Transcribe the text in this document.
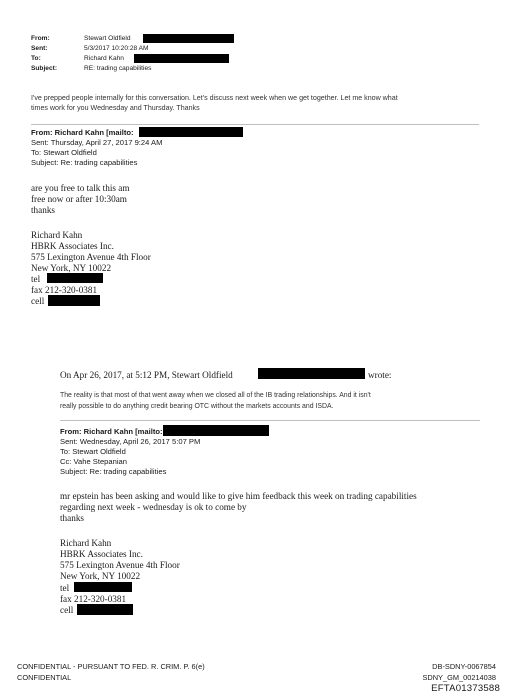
From:	Stewart Oldfield
Sent:	5/3/2017 10:20:28 AM
To:	Richard Kahn
Subject:	RE: trading capabilities
I've prepped people internally for this conversation. Let's discuss next week when we get together. Let me know what
times work for you Wednesday and Thursday. Thanks
From: Richard Kahn [mailto:
Sent: Thursday, April 27, 2017 9:24 AM
To: Stewart Oldfield
Subject: Re: trading capabilities
are you free to talk this am
free now or after 10:30am
thanks
Richard Kahn
HBRK Associates Inc.
575 Lexington Avenue 4th Floor
New York, NY 10022
tel
fax 212-320-0381
cell
On Apr 26, 2017, at 5:12 PM, Stewart Oldfield	wrote:
The reality is that most of that went away when we closed all of the IB trading relationships. And it isn't
really possible to do anything credit bearing OTC without the markets accounts and ISDA.
From: Richard Kahn [mailto:
Sent: Wednesday, April 26, 2017 5:07 PM
To: Stewart Oldfield
Cc: Vahe Stepanian
Subject: Re: trading capabilities
mr epstein has been asking and would like to give him feedback this week on trading capabilities
regarding next week - wednesday is ok to come by
thanks
Richard Kahn
HBRK Associates Inc.
575 Lexington Avenue 4th Floor
New York, NY 10022
tel
fax 212-320-0381
cell
CONFIDENTIAL - PURSUANT TO FED. R. CRIM. P. 6(e)
CONFIDENTIAL
DB-SDNY-0067854
SDNY_GM_00214038
EFTA01373588
